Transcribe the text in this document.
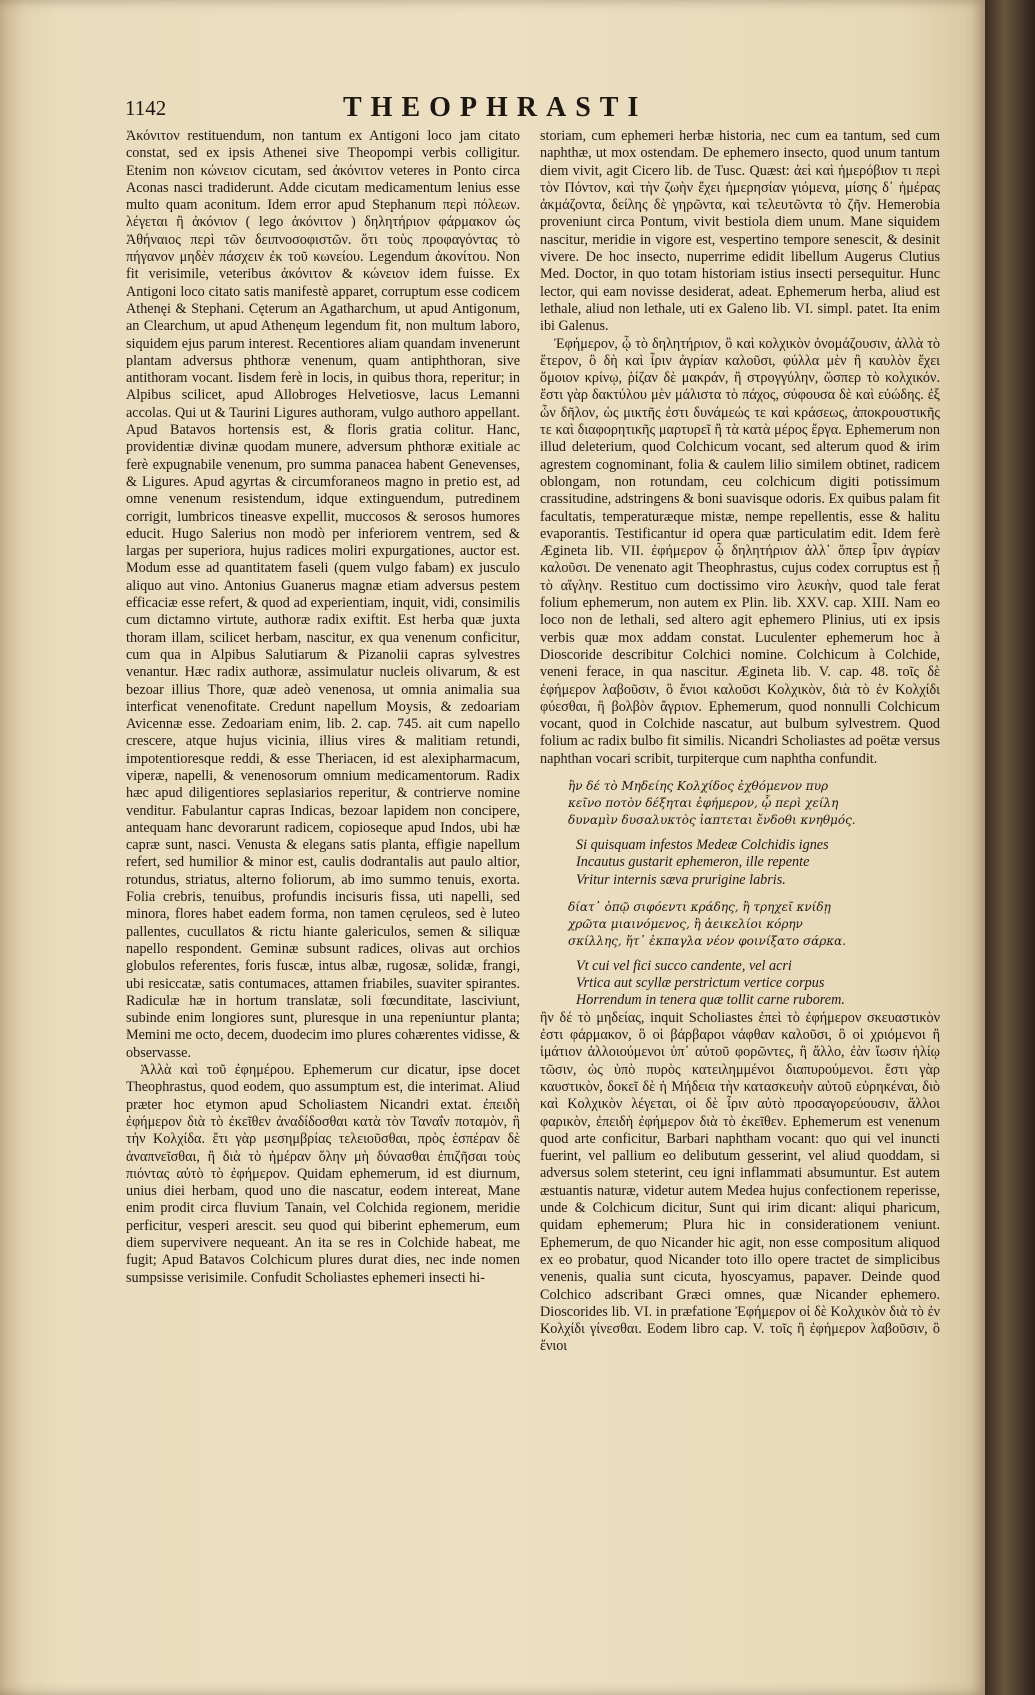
1142	THEOPHRASTI

Ἀκόνιτον restituendum, non tantum ex Antigoni loco jam citato constat, sed ex ipsis Athenei sive Theopompi verbis colligitur. Etenim non κώνειον cicutam, sed ἀκόνιτον veteres in Ponto circa Aconas nasci tradiderunt. Adde cicutam medicamentum lenius esse multo quam aconitum. Idem error apud Stephanum περὶ πόλεων. λέγεται ἢ ἀκόνιον ( lego ἀκόνιτον ) δηλητήριον φάρμακον ὡς Ἀθήναιος περὶ τῶν δειπνοσοφιστῶν. ὅτι τοὺς προφαγόντας τὸ πήγανον μηδὲν πάσχειν ἐκ τοῦ κωνείου. Legendum ἀκονίτου. Non fit verisimile, veteribus ἀκόνιτον & κώνειον idem fuisse. Ex Antigoni loco citato satis manifestè apparet, corruptum esse codicem Athenęi & Stephani. Cęterum an Agatharchum, ut apud Antigonum, an Clearchum, ut apud Athenęum legendum fit, non multum laboro, siquidem ejus parum interest. Recentiores aliam quandam invenerunt plantam adversus phthoræ venenum, quam antiphthoran, sive antithoram vocant. Iisdem ferè in locis, in quibus thora, reperitur; in Alpibus scilicet, apud Allobroges Helvetiosve, lacus Lemanni accolas. Qui ut & Taurini Ligures authoram, vulgo authoro appellant. Apud Batavos hortensis est, & floris gratia colitur. Hanc, providentiæ divinæ quodam munere, adversum phthoræ exitiale ac ferè expugnabile venenum, pro summa panacea habent Genevenses, & Ligures. Apud agyrtas & circumforaneos magno in pretio est, ad omne venenum resistendum, idque extinguendum, putredinem corrigit, lumbricos tineasve expellit, muccosos & serosos humores educit. Hugo Salerius non modò per inferiorem ventrem, sed & largas per superiora, hujus radices moliri expurgationes, auctor est. Modum esse ad quantitatem faseli (quem vulgo fabam) ex jusculo aliquo aut vino. Antonius Guanerus magnæ etiam adversus pestem efficaciæ esse refert, & quod ad experientiam, inquit, vidi, consimilis cum dictamno virtute, authoræ radix exiftit. Est herba quæ juxta thoram illam, scilicet herbam, nascitur, ex qua venenum conficitur, cum qua in Alpibus Salutiarum & Pizanolii capras sylvestres venantur. Hæc radix authoræ, assimulatur nucleis olivarum, & est bezoar illius Thore, quæ adeò venenosa, ut omnia animalia sua interficat venenofitate. Credunt napellum Moysis, & zedoariam Avicennæ esse. Zedoariam enim, lib. 2. cap. 745. ait cum napello crescere, atque hujus vicinia, illius vires & malitiam retundi, impotentioresque reddi, & esse Theriacen, id est alexipharmacum, viperæ, napelli, & venenosorum omnium medicamentorum. Radix hæc apud diligentiores seplasiarios reperitur, & contrierve nomine venditur. Fabulantur capras Indicas, bezoar lapidem non concipere, antequam hanc devorarunt radicem, copioseque apud Indos, ubi hæ capræ sunt, nasci. Venusta & elegans satis planta, effigie napellum refert, sed humilior & minor est, caulis dodrantalis aut paulo altior, rotundus, striatus, alterno foliorum, ab imo summo tenuis, exorta. Folia crebris, tenuibus, profundis incisuris fissa, uti napelli, sed minora, flores habet eadem forma, non tamen cęruleos, sed è luteo pallentes, cucullatos & rictu hiante galericulos, semen & siliquæ napello respondent. Geminæ subsunt radices, olivas aut orchios globulos referentes, foris fuscæ, intus albæ, rugosæ, solidæ, frangi, ubi resiccatæ, satis contumaces, attamen friabiles, suaviter spirantes. Radiculæ hæ in hortum translatæ, soli fœcunditate, lasciviunt, subinde enim longiores sunt, pluresque in una repeniuntur planta; Memini me octo, decem, duodecim imo plures cohærentes vidisse, & observasse.

Ἀλλὰ καὶ τοῦ ἐφημέρου. Ephemerum cur dicatur, ipse docet Theophrastus, quod eodem, quo assumptum est, die interimat. Aliud præter hoc etymon apud Scholiastem Nicandri extat. ἐπειδὴ ἐφήμερον διὰ τὸ ἐκεῖθεν ἀναδίδοσθαι κατὰ τὸν Ταναΐν ποταμὸν, ἢ τὴν Κολχίδα. ἔτι γὰρ μεσημβρίας τελειοῦσθαι, πρὸς ἑσπέραν δὲ ἀναπνεῖσθαι, ἢ διὰ τὸ ἡμέραν ὅλην μὴ δύνασθαι ἐπιζῆσαι τοὺς πιόντας αὐτὸ τὸ ἐφήμερον. Quidam ephemerum, id est diurnum, unius diei herbam, quod uno die nascatur, eodem intereat, Mane enim prodit circa fluvium Tanain, vel Colchida regionem, meridie perficitur, vesperi arescit. seu quod qui biberint ephemerum, eum diem supervivere nequeant. An ita se res in Colchide habeat, me fugit; Apud Batavos Colchicum plures durat dies, nec inde nomen sumpsisse verisimile. Confudit Scholiastes ephemeri insecti hi-

storiam, cum ephemeri herbæ historia, nec cum ea tantum, sed cum naphthæ, ut mox ostendam. De ephemero insecto, quod unum tantum diem vivit, agit Cicero lib. de Tusc. Quæst: ἀεὶ καὶ ἡμερόβιον τι περὶ τὸν Πόντον, καὶ τὴν ζωὴν ἔχει ἡμερησίαν γιόμενα, μίσης δ᾽ ἡμέρας ἀκμάζοντα, δείλης δὲ γηρῶντα, καὶ τελευτῶντα τὸ ζῆν. Hemerobia proveniunt circa Pontum, vivit bestiola diem unum. Mane siquidem nascitur, meridie in vigore est, vespertino tempore senescit, & desinit vivere. De hoc insecto, nuperrime edidit libellum Augerus Clutius Med. Doctor, in quo totam historiam istius insecti persequitur. Hunc lector, qui eam novisse desiderat, adeat. Ephemerum herba, aliud est lethale, aliud non lethale, uti ex Galeno lib. VI. simpl. patet. Ita enim ibi Galenus.

Ἐφήμερον, ᾧ τὸ δηλητήριον, ὃ καὶ κολχικὸν ὀνομάζουσιν, ἀλλὰ τὸ ἕτερον, ὃ δὴ καὶ ἶριν ἀγρίαν καλοῦσι, φύλλα μὲν ἢ καυλὸν ἔχει ὅμοιον κρίνῳ, ῥίζαν δὲ μακράν, ἢ στρογγύλην, ὥσπερ τὸ κολχικόν. ἔστι γὰρ δακτύλου μὲν μάλιστα τὸ πάχος, σύφουσα δὲ καὶ εὐώδης. ἐξ ὧν δῆλον, ὡς μικτῆς ἐστι δυνάμεώς τε καὶ κράσεως, ἀποκρουστικῆς τε καὶ διαφορητικῆς μαρτυρεῖ ἢ τὰ κατὰ μέρος ἔργα. Ephemerum non illud deleterium, quod Colchicum vocant, sed alterum quod & irim agrestem cognominant, folia & caulem lilio similem obtinet, radicem oblongam, non rotundam, ceu colchicum digiti potissimum crassitudine, adstringens & boni suavisque odoris. Ex quibus palam fit facultatis, temperaturæque mistæ, nempe repellentis, esse & halitu evaporantis. Testificantur id opera quæ particulatim edit. Idem ferè Ægineta lib. VII. ἐφήμερον ᾧ δηλητήριον ἀλλ᾽ ὅπερ ἶριν ἀγρίαν καλοῦσι. De venenato agit Theophrastus, cujus codex corruptus est ᾗ τὸ αἴγλην. Restituo cum doctissimo viro λευκὴν, quod tale ferat folium ephemerum, non autem ex Plin. lib. XXV. cap. XIII. Nam eo loco non de lethali, sed altero agit ephemero Plinius, uti ex ipsis verbis quæ mox addam constat. Luculenter ephemerum hoc à Dioscoride describitur Colchici nomine. Colchicum à Colchide, veneni ferace, in qua nascitur. Ægineta lib. V. cap. 48. τοῖς δὲ ἐφήμερον λαβοῦσιν, ὃ ἔνιοι καλοῦσι Κολχικὸν, διὰ τὸ ἐν Κολχίδι φύεσθαι, ἢ βολβὸν ἄγριον. Ephemerum, quod nonnulli Colchicum vocant, quod in Colchide nascatur, aut bulbum sylvestrem. Quod folium ac radix bulbo fit similis. Nicandri Scholiastes ad poëtæ versus naphthan vocari scribit, turpiterque cum naphtha confundit.

ἢν δέ τὸ Μηδείης Κολχίδος ἐχθόμενον πυρ
κεῖνο ποτὸν δέξηται ἐφήμερον, ᾧ περὶ χείλη
δυναμὶν δυσαλυκτὸς ἰαπτεται ἔνδοθι κνηθμός.
Si quisquam infestos Medeæ Colchidis ignes
Incautus gustarit ephemeron, ille repente
Vritur internis sæva prurigine labris.
δίατ᾽ ὀπῷ σιφόεντι κράδης, ἢ τρηχεῖ κνίδῃ
χρῶτα μιαινόμενος, ἢ ἀεικελίοι κόρην
σκίλλης, ἥτ᾽ ἐκπαγλα νέον φοινίξατο σάρκα.
Vt cui vel fici succo candente, vel acri
Vrtica aut scyllæ perstrictum vertice corpus
Horrendum in tenera quæ tollit carne ruborem.

ἢν δέ τὸ μηδείας, inquit Scholiastes ἐπεὶ τὸ ἐφήμερον σκευαστικὸν ἐστι φάρμακον, ὃ οἱ βάρβαροι νάφθαν καλοῦσι, ὃ οἱ χριόμενοι ἢ ἱμάτιον ἀλλοιούμενοι ὑπ᾽ αὐτοῦ φορῶντες, ἢ ἄλλο, ἐὰν ἴωσιν ἡλίῳ τῶσιν, ὡς ὑπὸ πυρὸς κατειλημμένοι διαπυρούμενοι. ἔστι γὰρ καυστικὸν, δοκεῖ δὲ ἡ Μήδεια τὴν κατασκευὴν αὐτοῦ εὑρηκέναι, διὸ καὶ Κολχικὸν λέγεται, οἱ δὲ ἶριν αὐτὸ προσαγορεύουσιν, ἄλλοι φαρικὸν, ἐπειδὴ ἐφήμερον διὰ τὸ ἐκεῖθεν. Ephemerum est venenum quod arte conficitur, Barbari naphtham vocant: quo qui vel inuncti fuerint, vel pallium eo delibutum gesserint, vel aliud quoddam, si adversus solem steterint, ceu igni inflammati absumuntur. Est autem æstuantis naturæ, videtur autem Medea hujus confectionem reperisse, unde & Colchicum dicitur, Sunt qui irim dicant: aliqui pharicum, quidam ephemerum; Plura hic in considerationem veniunt. Ephemerum, de quo Nicander hic agit, non esse compositum aliquod ex eo probatur, quod Nicander toto illo opere tractet de simplicibus venenis, qualia sunt cicuta, hyoscyamus, papaver. Deinde quod Colchico adscribant Græci omnes, quæ Nicander ephemero. Dioscorides lib. VI. in præfatione Ἐφήμερον οἱ δὲ Κολχικὸν διὰ τὸ ἐν Κολχίδι γίνεσθαι. Eodem libro cap. V. τοῖς ἢ ἐφήμερον λαβοῦσιν, ὃ ἔνιοι
